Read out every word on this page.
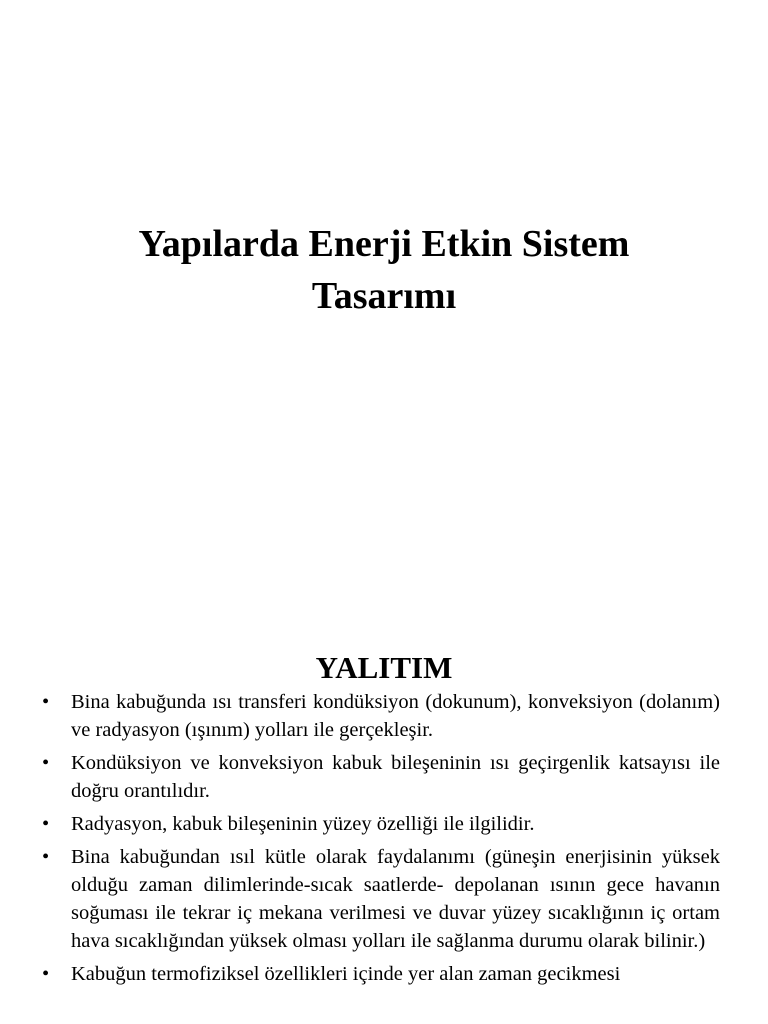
Yapılarda Enerji Etkin Sistem
Tasarımı
YALITIM
• Bina kabuğunda ısı transferi kondüksiyon (dokunum), konveksiyon (dolanım) ve radyasyon (ışınım) yolları ile gerçekleşir.
• Kondüksiyon ve konveksiyon kabuk bileşeninin ısı geçirgenlik katsayısı ile doğru orantılıdır.
• Radyasyon, kabuk bileşeninin yüzey özelliği ile ilgilidir.
• Bina kabuğundan ısıl kütle olarak faydalanımı (güneşin enerjisinin yüksek olduğu zaman dilimlerinde-sıcak saatlerde- depolanan ısının gece havanın soğuması ile tekrar iç mekana verilmesi ve duvar yüzey sıcaklığının iç ortam hava sıcaklığından yüksek olması yolları ile sağlanma durumu olarak bilinir.)
• Kabuğun termofiziksel özellikleri içinde yer alan zaman gecikmesi
